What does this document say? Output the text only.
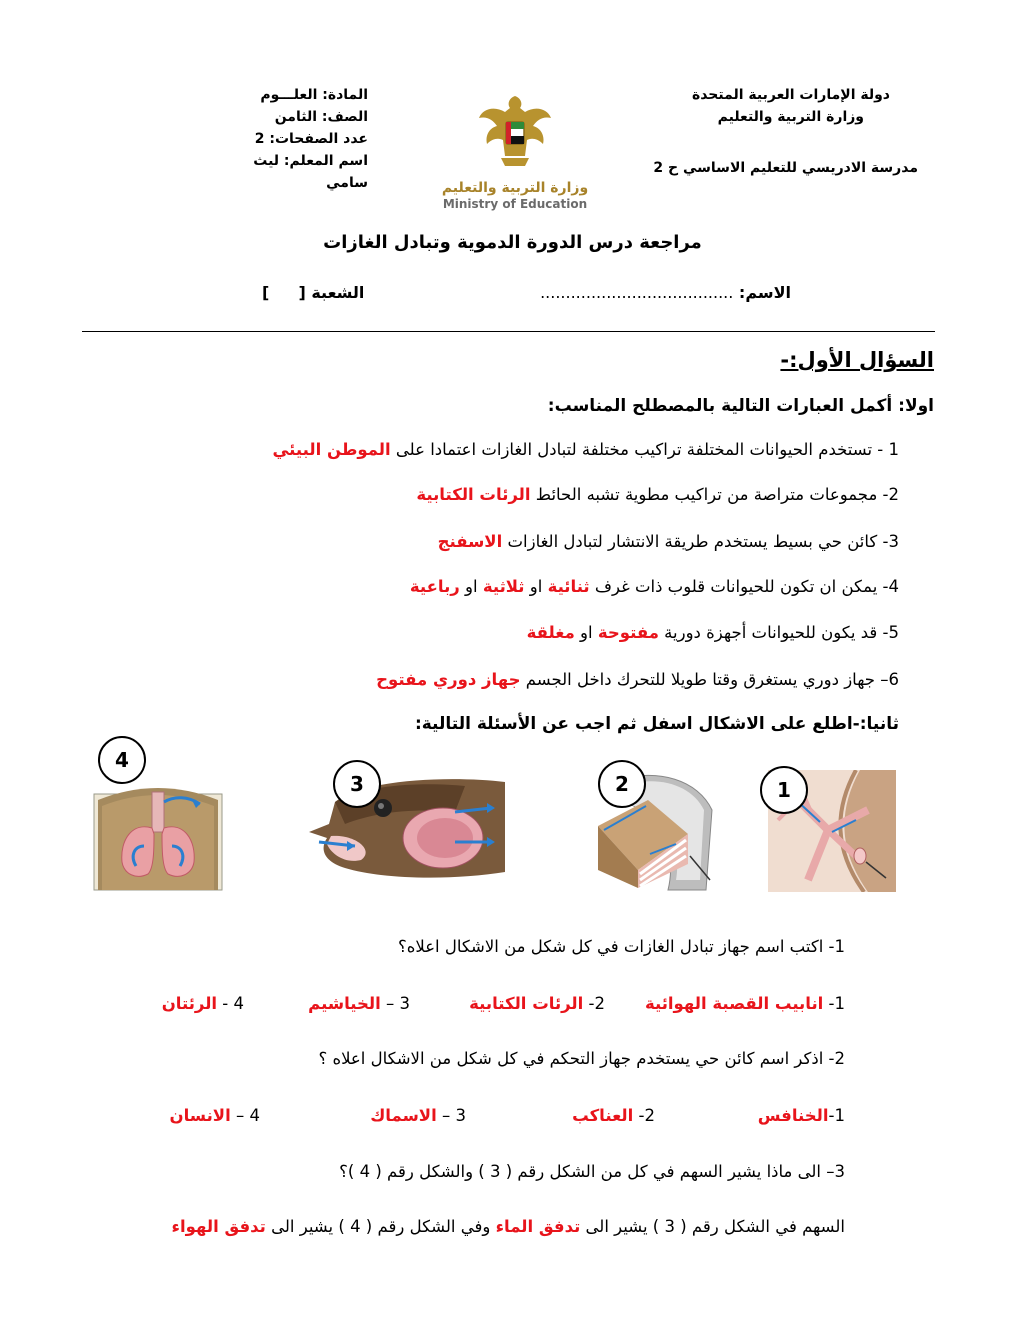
دولة الإمارات العربية المتحدة
وزارة التربية والتعليم
مدرسة الادريسي للتعليم الاساسي ح 2
المادة: العلـــوم
الصف: الثامن
عدد الصفحات: 2
اسم المعلم: ليث سامي	وزارة التربية والتعليم
Ministry of Education
مراجعة درس الدورة الدموية وتبادل الغازات
الاسم: ......................................
الشعبة [  ]
السؤال الأول:-
اولا: أكمل العبارات التالية بالمصطلح المناسب:
1 - تستخدم الحيوانات المختلفة تراكيب مختلفة لتبادل الغازات اعتمادا على الموطن البيئي
2- مجموعات متراصة من تراكيب مطوية تشبه الحائط الرئات الكتابية
3- كائن حي بسيط يستخدم طريقة الانتشار لتبادل الغازات الاسفنج
4- يمكن ان تكون للحيوانات قلوب ذات غرف ثنائية او ثلاثية او رباعية
5- قد يكون للحيوانات أجهزة دورية مفتوحة او مغلقة
6– جهاز دوري يستغرق وقتا طويلا للتحرك داخل الجسم جهاز دوري مفتوح
ثانيا:-اطلع على الاشكال اسفل ثم اجب عن الأسئلة التالية:
4
3	2	1
1- اكتب اسم جهاز تبادل الغازات في كل شكل من الاشكال اعلاه؟
1- انابيب القصبة الهوائية
2- الرئات الكتابية
3 – الخياشيم
4 - الرئتان
2- اذكر اسم كائن حي يستخدم جهاز التحكم في كل شكل من الاشكال اعلاه ؟
1-الخنافس
2- العناكب
3 – الاسماك
4 – الانسان
3– الى ماذا يشير السهم في كل من الشكل رقم ( 3 ) والشكل رقم ( 4 )؟
السهم في الشكل رقم ( 3 ) يشير الى تدفق الماء وفي الشكل رقم ( 4 ) يشير الى تدفق الهواء
